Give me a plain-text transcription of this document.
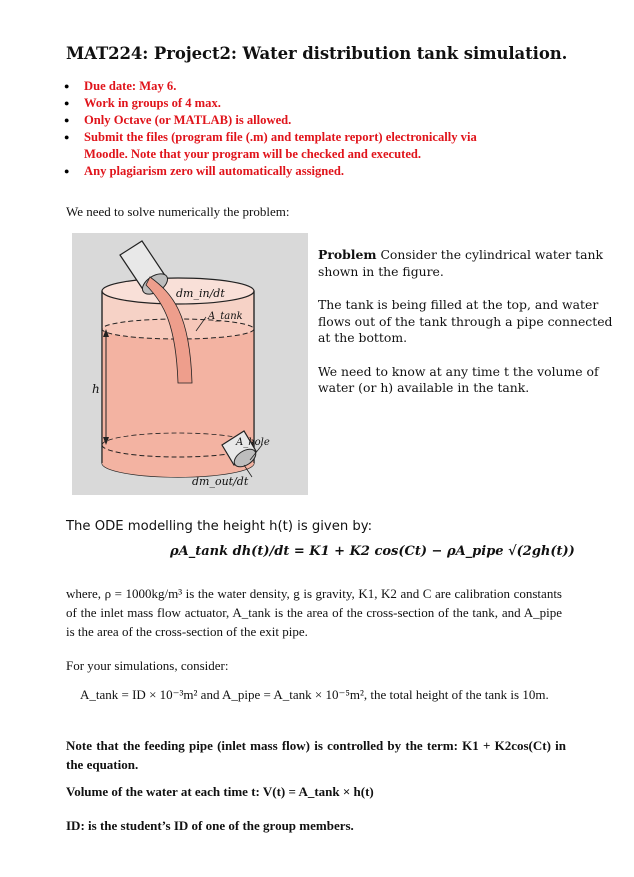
MAT224: Project2: Water distribution tank simulation.
● Due date: May 6.
● Work in groups of 4 max.
● Only Octave (or MATLAB) is allowed.
● Submit the files (program file (.m) and template report) electronically via
Moodle. Note that your program will be checked and executed.
● Any plagiarism zero will automatically assigned.
We need to solve numerically the problem:
dm_in/dt
A_tank
h
A_hole
dm_out/dt

Problem Consider the cylindrical water tank shown in the figure.

The tank is being filled at the top, and water flows out of the tank through a pipe connected at the bottom.

We need to know at any time t the volume of water (or h) available in the tank.

The ODE modelling the height h(t) is given by:
ρA_tank dh(t)/dt = K1 + K2 cos(Ct) − ρA_pipe √(2gh(t))
where, ρ = 1000kg/m³ is the water density, g is gravity, K1, K2 and C are calibration constants of the inlet mass flow actuator, A_tank is the area of the cross-section of the tank, and A_pipe is the area of the cross-section of the exit pipe.
For your simulations, consider:
A_tank = ID × 10⁻³m² and A_pipe = A_tank × 10⁻⁵m², the total height of the tank is 10m.
Note that the feeding pipe (inlet mass flow) is controlled by the term: K1 + K2cos(Ct) in the equation.
Volume of the water at each time t: V(t) = A_tank × h(t)
ID: is the student’s ID of one of the group members.
